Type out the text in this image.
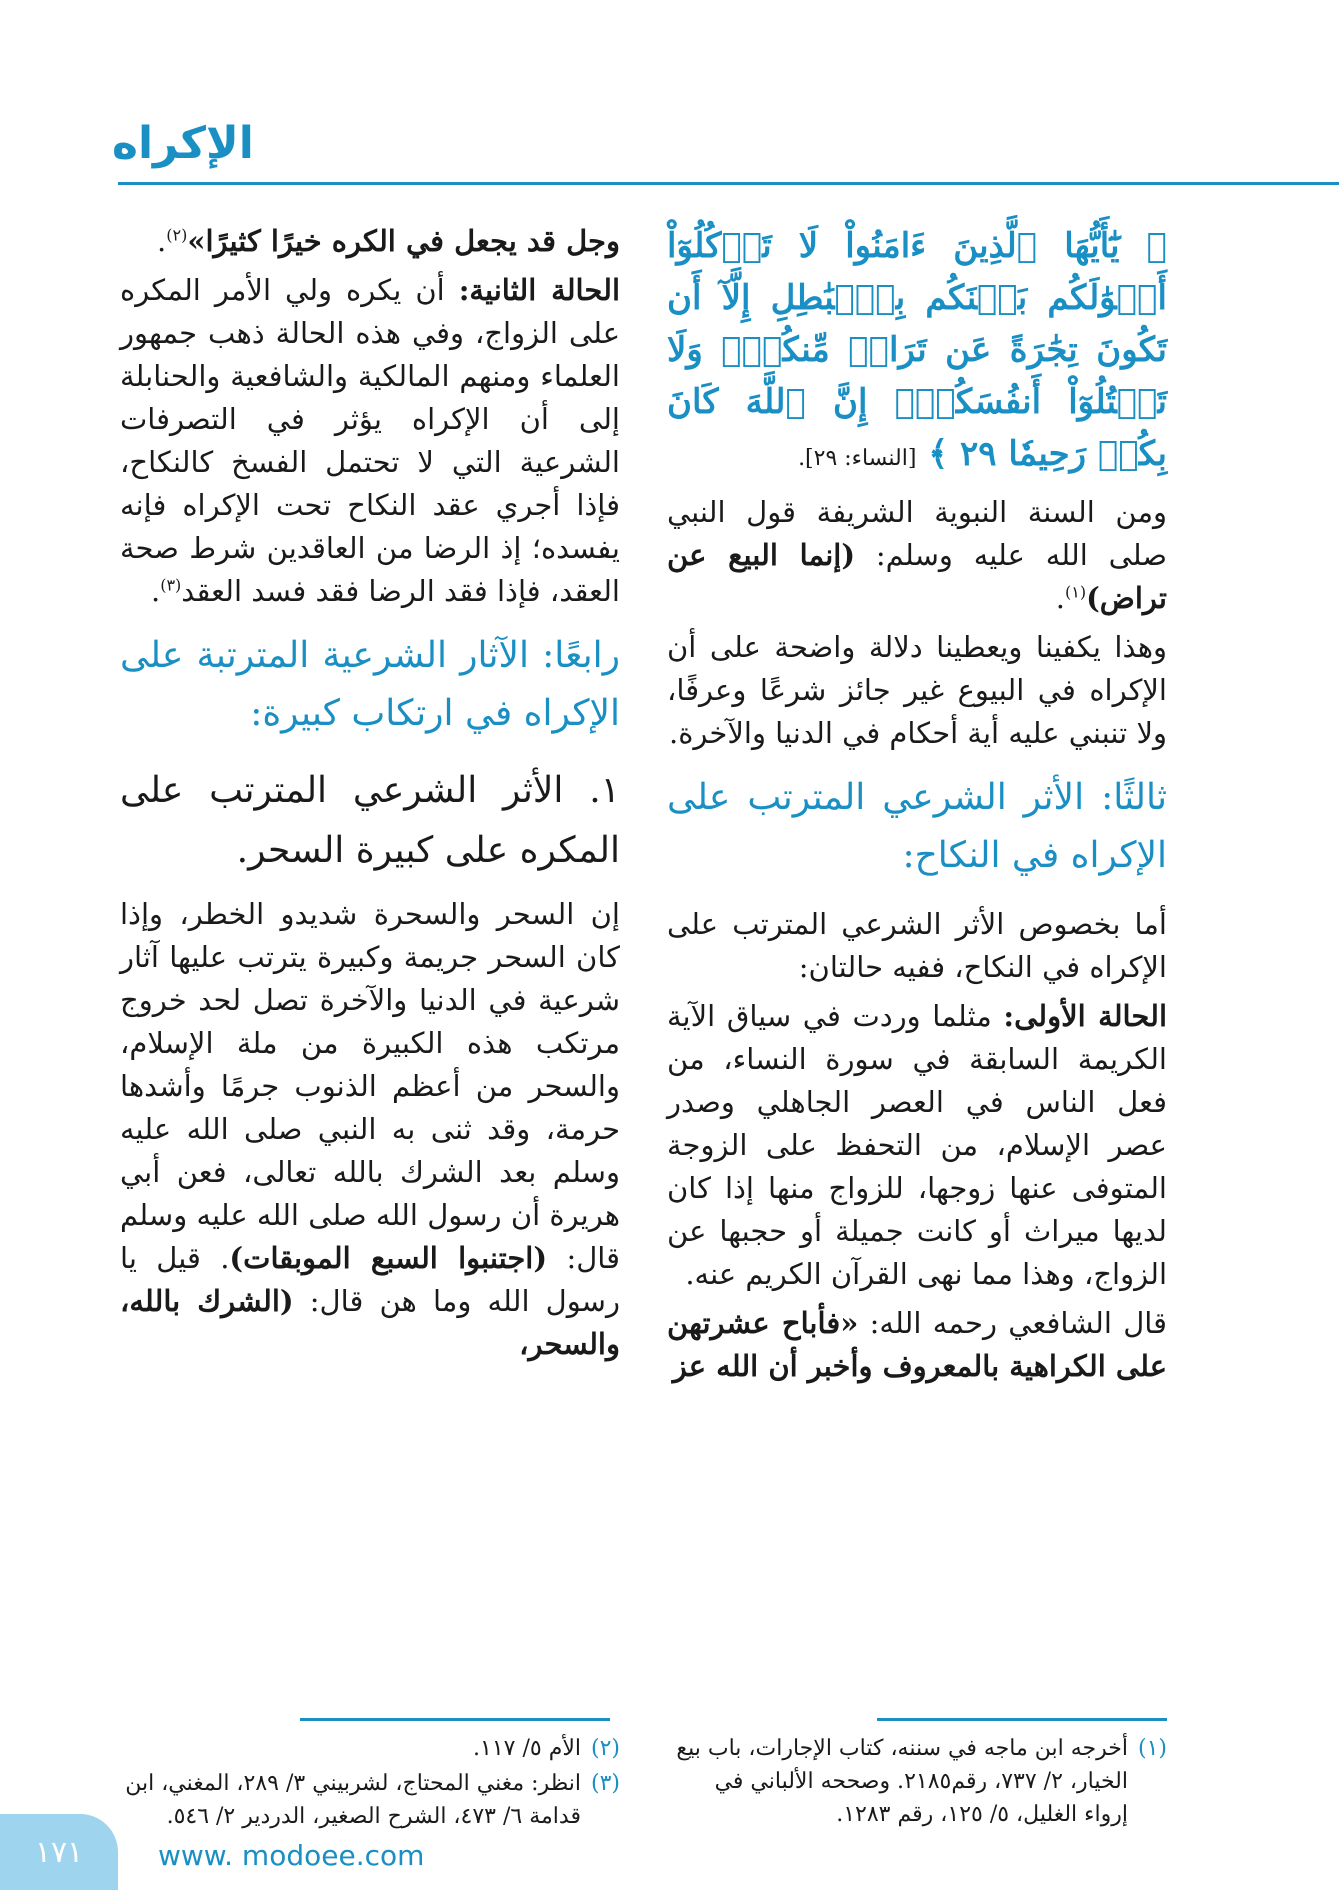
الإكراه

﴿ يَٰٓأَيُّهَا ٱلَّذِينَ ءَامَنُواْ لَا تَأۡكُلُوٓاْ أَمۡوَٰلَكُم بَيۡنَكُم بِٱلۡبَٰطِلِ إِلَّآ أَن تَكُونَ تِجَٰرَةً عَن تَرَاضٖ مِّنكُمۡۚ وَلَا تَقۡتُلُوٓاْ أَنفُسَكُمۡۚ إِنَّ ٱللَّهَ كَانَ بِكُمۡ رَحِيمٗا ٢٩ ﴾ [النساء: ٢٩].

ومن السنة النبوية الشريفة قول النبي صلى الله عليه وسلم: (إنما البيع عن تراض)$^{(١)}$.

وهذا يكفينا ويعطينا دلالة واضحة على أن الإكراه في البيوع غير جائز شرعًا وعرفًا، ولا تنبني عليه أية أحكام في الدنيا والآخرة.

ثالثًا: الأثر الشرعي المترتب على الإكراه في النكاح:

أما بخصوص الأثر الشرعي المترتب على الإكراه في النكاح، ففيه حالتان:

الحالة الأولى: مثلما وردت في سياق الآية الكريمة السابقة في سورة النساء، من فعل الناس في العصر الجاهلي وصدر عصر الإسلام، من التحفظ على الزوجة المتوفى عنها زوجها، للزواج منها إذا كان لديها ميراث أو كانت جميلة أو حجبها عن الزواج، وهذا مما نهى القرآن الكريم عنه.

قال الشافعي رحمه الله: «فأباح عشرتهن على الكراهية بالمعروف وأخبر أن الله عز

وجل قد يجعل في الكره خيرًا كثيرًا»$^{(٢)}$.

الحالة الثانية: أن يكره ولي الأمر المكره على الزواج، وفي هذه الحالة ذهب جمهور العلماء ومنهم المالكية والشافعية والحنابلة إلى أن الإكراه يؤثر في التصرفات الشرعية التي لا تحتمل الفسخ كالنكاح، فإذا أجري عقد النكاح تحت الإكراه فإنه يفسده؛ إذ الرضا من العاقدين شرط صحة العقد، فإذا فقد الرضا فقد فسد العقد$^{(٣)}$.

رابعًا: الآثار الشرعية المترتبة على الإكراه في ارتكاب كبيرة:
١. الأثر الشرعي المترتب على المكره على كبيرة السحر.

إن السحر والسحرة شديدو الخطر، وإذا كان السحر جريمة وكبيرة يترتب عليها آثار شرعية في الدنيا والآخرة تصل لحد خروج مرتكب هذه الكبيرة من ملة الإسلام، والسحر من أعظم الذنوب جرمًا وأشدها حرمة، وقد ثنى به النبي صلى الله عليه وسلم بعد الشرك بالله تعالى، فعن أبي هريرة أن رسول الله صلى الله عليه وسلم قال: (اجتنبوا السبع الموبقات). قيل يا رسول الله وما هن قال: (الشرك بالله، والسحر،

(١)
أخرجه ابن ماجه في سننه، كتاب الإجارات، باب بيع الخيار، ٢/ ٧٣٧، رقم٢١٨٥. وصححه الألباني في إرواء الغليل، ٥/ ١٢٥، رقم ١٢٨٣.
(٢)
الأم ٥/ ١١٧.
(٣)
انظر: مغني المحتاج، لشربيني ٣/ ٢٨٩، المغني، ابن قدامة ٦/ ٤٧٣، الشرح الصغير، الدردير ٢/ ٥٤٦.
١٧١	www. modoee.com
